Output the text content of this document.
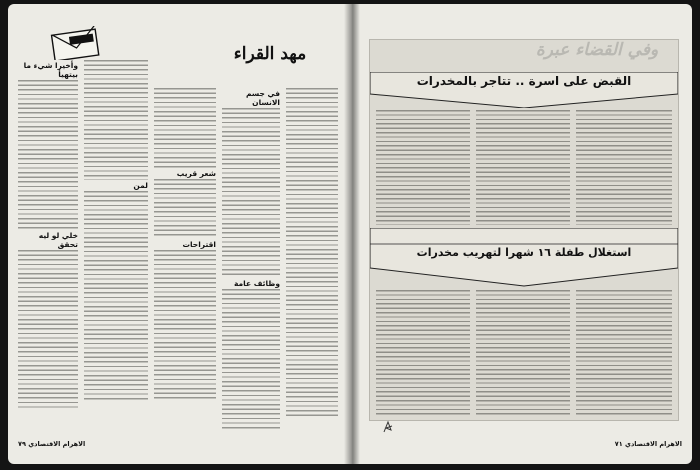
مهد القراء
وأخيرا شيء ما بيتهيأ
خلي لو ليه تحقق
لمن
شعر قريب
اقتراحات
في جسم الانسان
وظائف عامة
الاهرام الاقتصادي ٧٩
وفي القضاء عبرة
القبض على اسرة .. تتاجر بالمخدرات
استغلال طفلة ١٦ شهرا لتهريب مخدرات
الاهرام الاقتصادي ٧١
